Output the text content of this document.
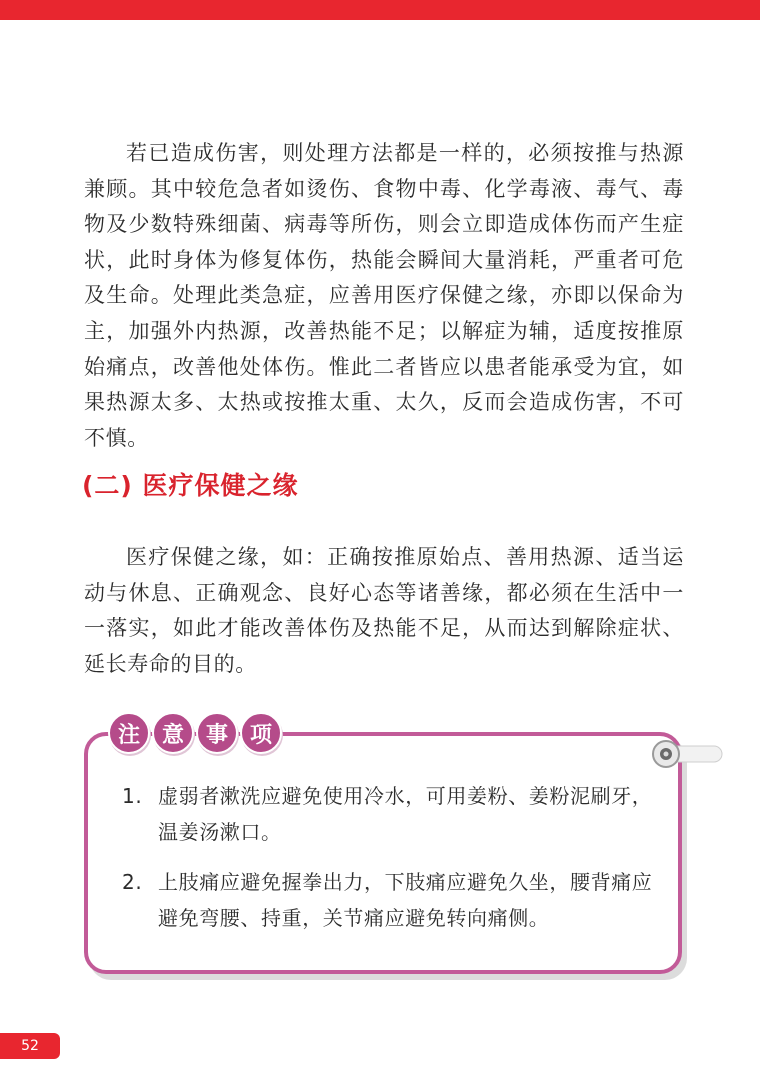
若已造成伤害，则处理方法都是一样的，必须按推与热源兼顾。其中较危急者如烫伤、食物中毒、化学毒液、毒气、毒物及少数特殊细菌、病毒等所伤，则会立即造成体伤而产生症状，此时身体为修复体伤，热能会瞬间大量消耗，严重者可危及生命。处理此类急症，应善用医疗保健之缘，亦即以保命为主，加强外内热源，改善热能不足；以解症为辅，适度按推原始痛点，改善他处体伤。惟此二者皆应以患者能承受为宜，如果热源太多、太热或按推太重、太久，反而会造成伤害，不可不慎。

(二) 医疗保健之缘

医疗保健之缘，如：正确按推原始点、善用热源、适当运动与休息、正确观念、良好心态等诸善缘，都必须在生活中一一落实，如此才能改善体伤及热能不足，从而达到解除症状、延长寿命的目的。

注 意 事 项
1. 虚弱者漱洗应避免使用冷水，可用姜粉、姜粉泥刷牙，温姜汤漱口。
2. 上肢痛应避免握拳出力，下肢痛应避免久坐，腰背痛应避免弯腰、持重，关节痛应避免转向痛侧。
52
